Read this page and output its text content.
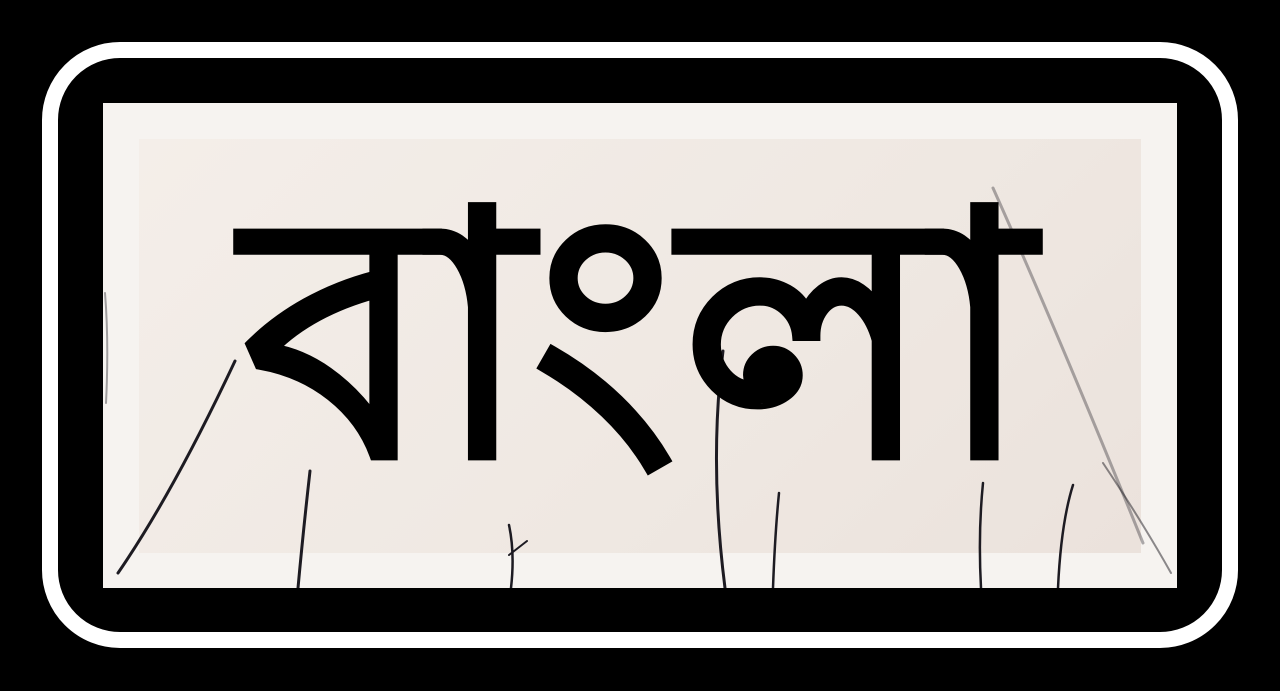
বাংলা
